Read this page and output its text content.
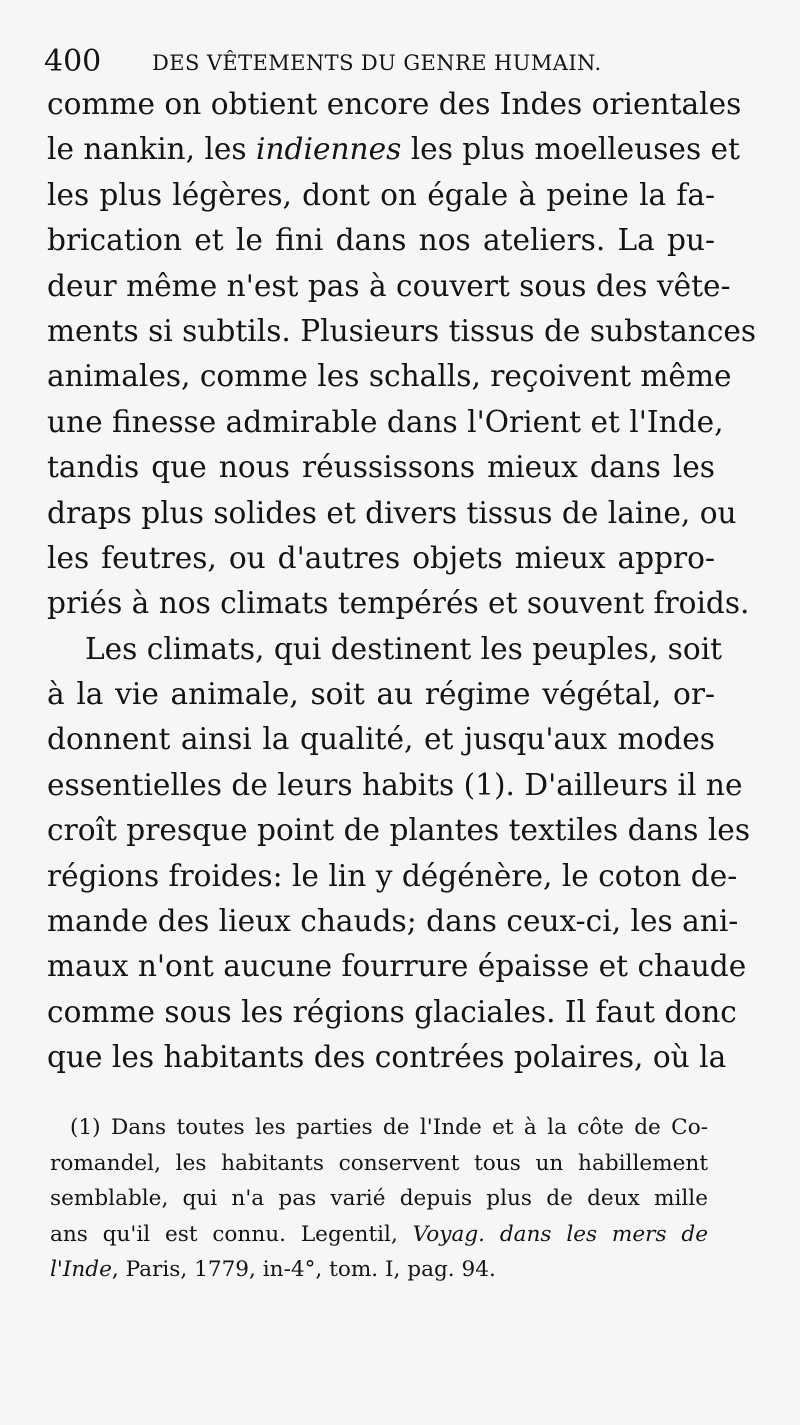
400 DES VÊTEMENTS DU GENRE HUMAIN.
comme on obtient encore des Indes orientales
le nankin, les indiennes les plus moelleuses et
les plus légères, dont on égale à peine la fa-
brication et le fini dans nos ateliers. La pu-
deur même n'est pas à couvert sous des vête-
ments si subtils. Plusieurs tissus de substances
animales, comme les schalls, reçoivent même
une finesse admirable dans l'Orient et l'Inde,
tandis que nous réussissons mieux dans les
draps plus solides et divers tissus de laine, ou
les feutres, ou d'autres objets mieux appro-
priés à nos climats tempérés et souvent froids.
Les climats, qui destinent les peuples, soit
à la vie animale, soit au régime végétal, or-
donnent ainsi la qualité, et jusqu'aux modes
essentielles de leurs habits (1). D'ailleurs il ne
croît presque point de plantes textiles dans les
régions froides: le lin y dégénère, le coton de-
mande des lieux chauds; dans ceux-ci, les ani-
maux n'ont aucune fourrure épaisse et chaude
comme sous les régions glaciales. Il faut donc
que les habitants des contrées polaires, où la
(1) Dans toutes les parties de l'Inde et à la côte de Co-
romandel, les habitants conservent tous un habillement
semblable, qui n'a pas varié depuis plus de deux mille
ans qu'il est connu. Legentil, Voyag. dans les mers de
l'Inde, Paris, 1779, in-4°, tom. I, pag. 94.
